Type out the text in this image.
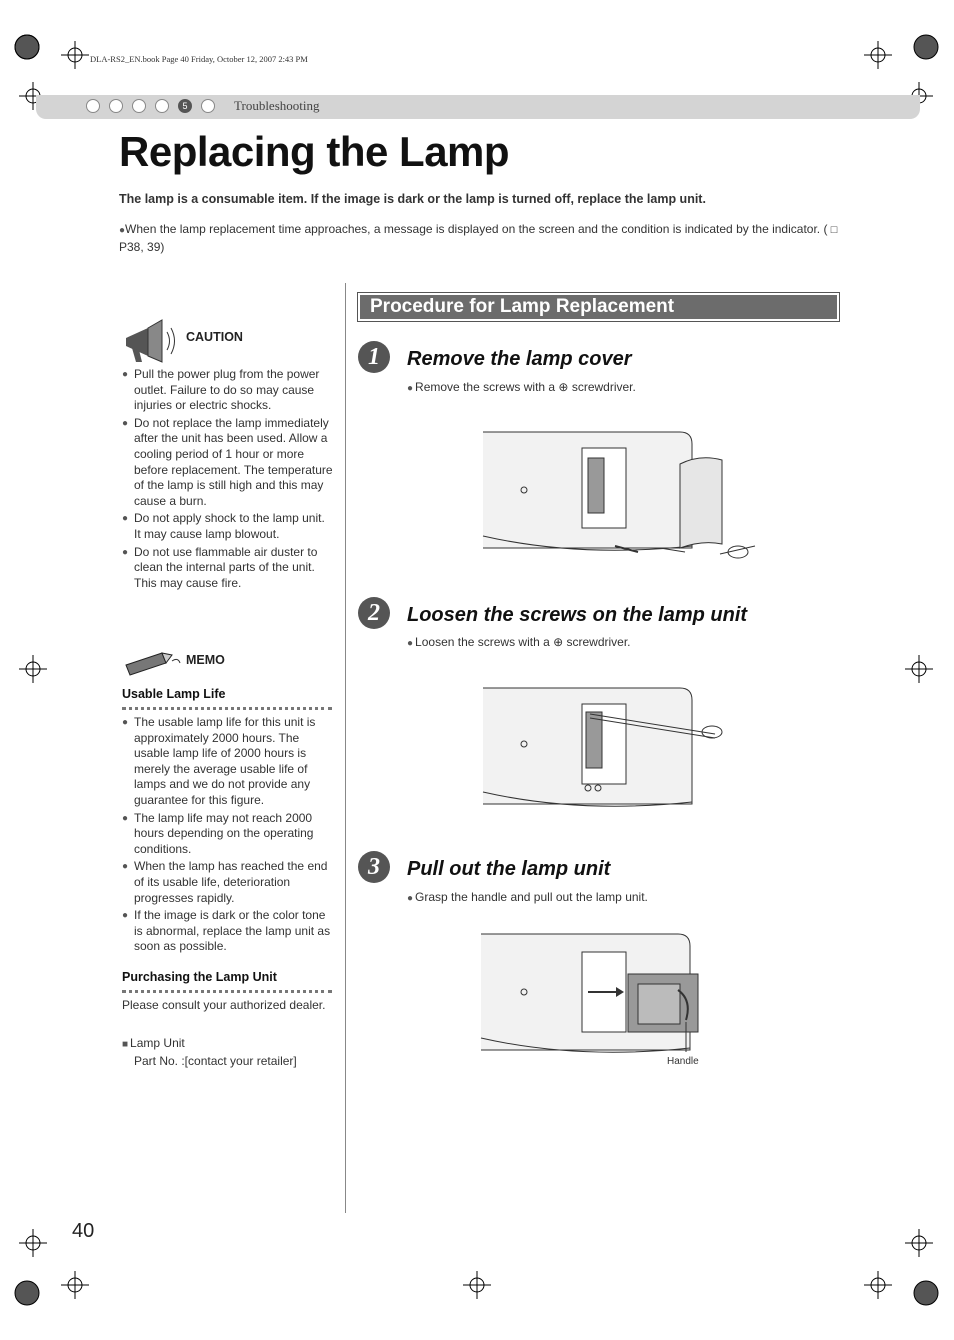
DLA-RS2_EN.book Page 40 Friday, October 12, 2007 2:43 PM
5	Troubleshooting
Replacing the Lamp
The lamp is a consumable item. If the image is dark or the lamp is turned off, replace the lamp unit.
●When the lamp replacement time approaches, a message is displayed on the screen and the condition is indicated by the indicator. ( □ P38, 39)
CAUTION
● Pull the power plug from the power outlet. Failure to do so may cause injuries or electric shocks.
● Do not replace the lamp immediately after the unit has been used. Allow a cooling period of 1 hour or more before replacement. The temperature of the lamp is still high and this may cause a burn.
● Do not apply shock to the lamp unit. It may cause lamp blowout.
● Do not use flammable air duster to clean the internal parts of the unit. This may cause fire.
MEMO
Usable Lamp Life
● The usable lamp life for this unit is approximately 2000 hours. The usable lamp life of 2000 hours is merely the average usable life of lamps and we do not provide any guarantee for this figure.
● The lamp life may not reach 2000 hours depending on the operating conditions.
● When the lamp has reached the end of its usable life, deterioration progresses rapidly.
● If the image is dark or the color tone is abnormal, replace the lamp unit as soon as possible.
Purchasing the Lamp Unit
Please consult your authorized dealer.
■ Lamp Unit
Part No. :[contact your retailer]
Procedure for Lamp Replacement
1	Remove the lamp cover
● Remove the screws with a ⊕ screwdriver.
2	Loosen the screws on the lamp unit
● Loosen the screws with a ⊕ screwdriver.
3	Pull out the lamp unit
● Grasp the handle and pull out the lamp unit.
Handle
40
